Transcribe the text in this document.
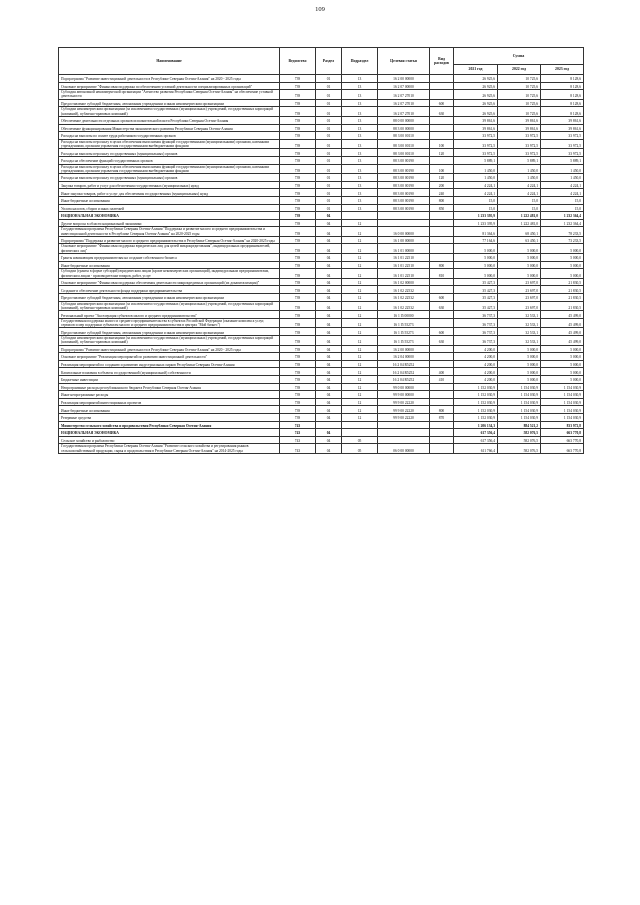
109
Наименование	Ведомство	Раздел	Подраздел	Целевая статья	Вид расходов	Сумма		
						2021 год	2022 год	2023 год
Подпрограмма "Развитие инвестиционной деятельности в Республике Северная Осетия-Алания" на 2020 - 2025 годы	739	01	13	16 2 00 00000		26 925,6	10 725,6	8 128,6
Основное мероприятие "Финансовая поддержка по обеспечению уставной деятельности специализированных организаций"	739	01	13	16 2 07 00000		26 925,6	10 725,6	8 128,6
Субсидия автономной некоммерческой организации "Агентство развития Республики Северная Осетия-Алания" на обеспечение уставной деятельности	739	01	13	16 2 07 27010		26 925,6	10 725,6	8 128,6
Предоставление субсидий бюджетным, автономным учреждениям и иным некоммерческим организациям	739	01	13	16 2 07 27010	600	26 925,6	10 725,6	8 128,6
Субсидии некоммерческим организациям (за исключением государственных (муниципальных) учреждений, государственных корпораций (компаний), публично-правовых компаний)	739	01	13	16 2 07 27010	630	26 925,6	10 725,6	8 128,6
Обеспечение деятельности отдельных органов исполнительной власти Республики Северная Осетия-Алания	739	01	13	88 0 00 00000		39 861,6	39 861,6	39 861,6
Обеспечение функционирования Министерства экономического развития Республики Северная Осетия-Алания	739	01	13	88 3 00 00000		39 861,6	39 861,6	39 861,6
Расходы на выплаты по оплате труда работников государственных органов	739	01	13	88 3 00 00110		33 972,5	33 972,5	33 972,5
Расходы на выплаты персоналу в целях обеспечения выполнения функций государственными (муниципальными) органами, казенными учреждениями, органами управления государственными внебюджетными фондами	739	01	13	88 3 00 00110	100	33 972,5	33 972,5	33 972,5
Расходы на выплаты персоналу государственных (муниципальных) органов	739	01	13	88 3 00 00110	120	33 972,5	33 972,5	33 972,5
Расходы на обеспечение функций государственных органов	739	01	13	88 3 00 00190		5 889,1	5 889,1	5 889,1
Расходы на выплаты персоналу в целях обеспечения выполнения функций государственными (муниципальными) органами, казенными учреждениями, органами управления государственными внебюджетными фондами	739	01	13	88 3 00 00190	100	1 450,0	1 450,0	1 450,0
Расходы на выплаты персоналу государственных (муниципальных) органов	739	01	13	88 3 00 00190	120	1 450,0	1 450,0	1 450,0
Закупка товаров, работ и услуг для обеспечения государственных (муниципальных) нужд	739	01	13	88 3 00 00190	200	4 224,1	4 224,1	4 224,1
Иные закупки товаров, работ и услуг для обеспечения государственных (муниципальных) нужд	739	01	13	88 3 00 00190	240	4 224,1	4 224,1	4 224,1
Иные бюджетные ассигнования	739	01	13	88 3 00 00190	800	15,0	15,0	15,0
Уплата налогов, сборов и иных платежей	739	01	13	88 3 00 00190	850	15,0	15,0	15,0
НАЦИОНАЛЬНАЯ ЭКОНОМИКА	739	04				1 233 395,9	1 222 481,0	1 232 364,4
Другие вопросы в области национальной экономики	739	04	12			1 233 395,9	1 222 481,0	1 232 364,4
Государственная программа Республики Северная Осетия-Алания "Поддержка и развитие малого и среднего предпринимательства и инвестиционной деятельности в Республике Северная Осетия-Алания" на 2020-2025 годы	739	04	12	16 0 00 00000		81 364,6	68 450,1	78 233,5
Подпрограмма "Поддержка и развитие малого и среднего предпринимательства в Республике Северная Осетия-Алания" на 2020-2025 годы	739	04	12	16 1 00 00000		77 164,6	63 450,1	73 233,5
Основное мероприятие "Финансовая поддержка юридических лиц для целей микрокредитования", индивидуальных предпринимателей, физических лиц"	739	04	12	16 1 01 00000		5 000,0	5 000,0	5 000,0
Гранты начинающим предпринимателям на создание собственного бизнеса	739	04	12	16 1 01 22510		5 000,0	5 000,0	5 000,0
Иные бюджетные ассигнования	739	04	12	16 1 01 22510	800	5 000,0	5 000,0	5 000,0
Субсидии (гранты в форме субсидий) юридическим лицам (кроме некоммерческих организаций), индивидуальным предпринимателям, физическим лицам - производителям товаров, работ, услуг	739	04	12	16 1 01 22510	810	5 000,0	5 000,0	5 000,0
Основное мероприятие "Финансовая поддержка обеспечения деятельности микрокредитных организаций (их докапитализация)"	739	04	12	16 1 02 00000		35 427,3	23 697,0	21 830,5
Создание и обеспечение деятельности фонда поддержки предпринимательства	739	04	12	16 1 02 22532		35 427,3	23 697,0	21 830,5
Предоставление субсидий бюджетным, автономным учреждениям и иным некоммерческим организациям	739	04	12	16 1 02 22532	600	35 427,3	23 697,0	21 830,5
Субсидии некоммерческим организациям (за исключением государственных (муниципальных) учреждений, государственных корпораций (компаний), публично-правовых компаний)	739	04	12	16 1 02 22532	630	35 427,3	23 697,0	21 830,5
Региональный проект "Акселерация субъектов малого и среднего предпринимательства"	739	04	12	16 1 I5 00000		36 737,3	32 533,1	45 499,0
Государственная поддержка малого и среднего предпринимательства в субъектах Российской Федерации (оказание комплекса услуг, сервисов и мер поддержки субъектам малого и среднего предпринимательства в центрах "Мой бизнес")	739	04	12	16 1 I5 55273		36 737,3	32 533,1	45 499,0
Предоставление субсидий бюджетным, автономным учреждениям и иным некоммерческим организациям	739	04	12	16 1 I5 55273	600	36 737,3	32 533,1	45 499,0
Субсидии некоммерческим организациям (за исключением государственных (муниципальных) учреждений, государственных корпораций (компаний), публично-правовых компаний)	739	04	12	16 1 I5 55273	630	36 737,3	32 533,1	45 499,0
Подпрограмма "Развитие инвестиционной деятельности в Республике Северная Осетия-Алания" на 2020 - 2025 годы	739	04	12	16 2 00 00000		4 200,0	5 000,0	5 000,0
Основное мероприятие "Реализация мероприятий по развитию инвестиционной деятельности"	739	04	12	16 2 04 00000		4 200,0	5 000,0	5 000,0
Реализация мероприятий по созданию и развитию индустриальных парков Республики Северная Осетия-Алания	739	04	12	16 2 04 R5252		4 200,0	5 000,0	5 000,0
Капитальные вложения в объекты государственной (муниципальной) собственности	739	04	12	16 2 04 R5252	400	4 200,0	5 000,0	5 000,0
Бюджетные инвестиции	739	04	12	16 2 04 R5252	410	4 200,0	5 000,0	5 000,0
Непрограммные расходы республиканского бюджета Республики Северная Осетия-Алания	739	04	12	99 0 00 00000		1 152 030,9	1 154 030,9	1 154 030,9
Иные непрограммные расходы	739	04	12	99 9 00 00000		1 152 030,9	1 154 030,9	1 154 030,9
Реализация мероприятий инвестиционных проектов	739	04	12	99 9 00 22220		1 152 030,9	1 154 030,9	1 154 030,9
Иные бюджетные ассигнования	739	04	12	99 9 00 22220	800	1 152 030,9	1 154 030,9	1 154 030,9
Резервные средства	739	04	12	99 9 00 22220	870	1 152 030,9	1 154 030,9	1 154 030,9
Министерство сельского хозяйства и продовольствия Республики Северная Осетия-Алания	743					1 206 134,3	884 521,2	833 972,8
НАЦИОНАЛЬНАЯ ЭКОНОМИКА	743	04				617 356,4	582 076,5	663 770,8
Сельское хозяйство и рыболовство	743	04	05			617 356,4	582 076,5	663 770,8
Государственная программа Республики Северная Осетия-Алания "Развитие сельского хозяйства и регулирования рынков сельскохозяйственной продукции, сырья и продовольствия в Республике Северная Осетия-Алания" на 2014-2025 годы	743	04	05	06 0 00 00000		611 766,4	582 076,5	663 770,8
